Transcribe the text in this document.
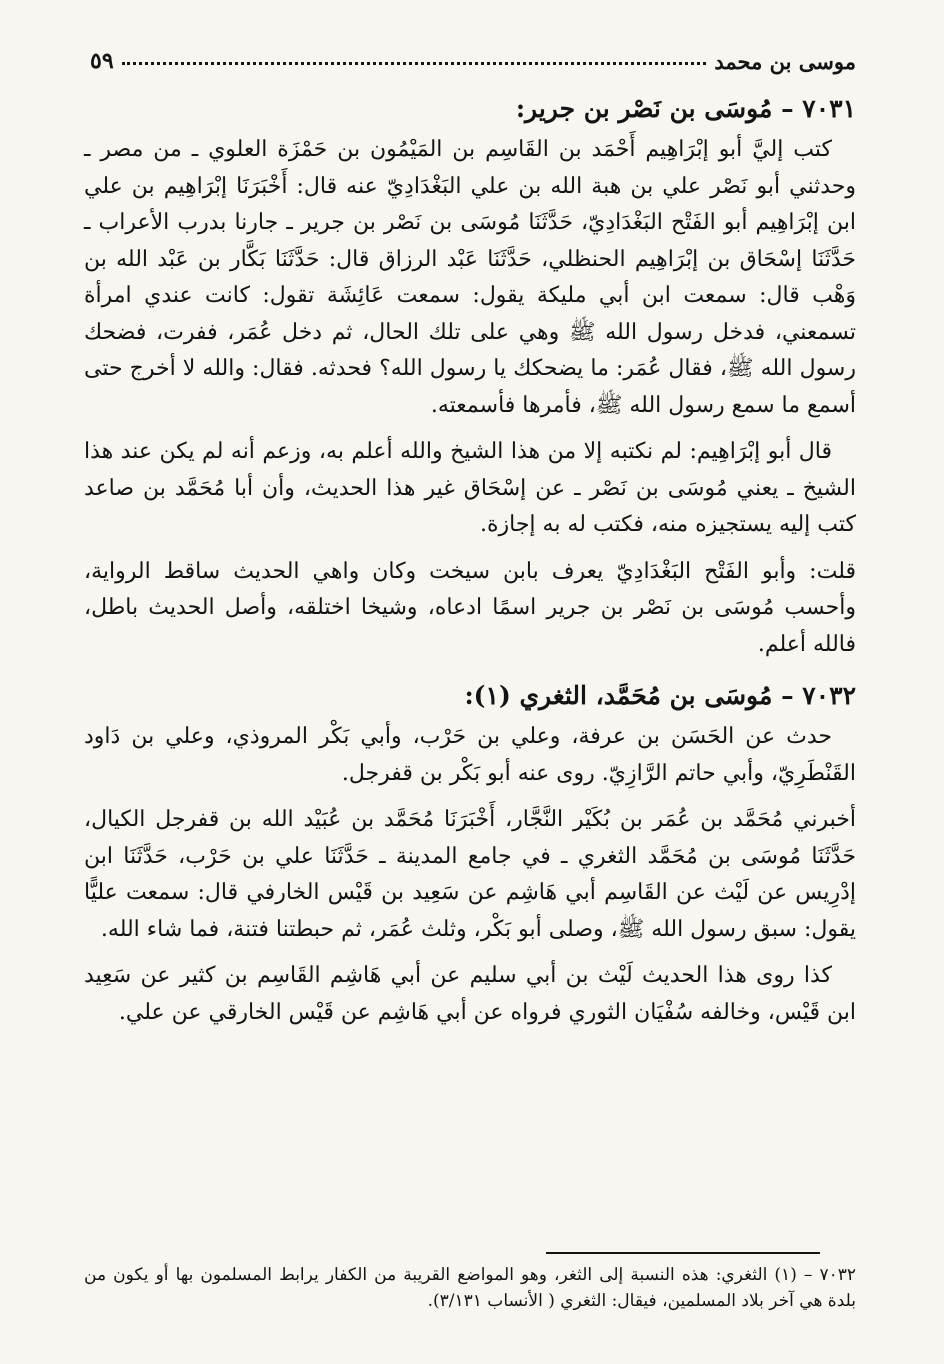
موسى بن محمد
٥٩
٧٠٣١ – مُوسَى بن نَصْر بن جرير:

كتب إليَّ أبو إبْرَاهِيم أَحْمَد بن القَاسِم بن المَيْمُون بن حَمْزَة العلوي ـ من مصر ـ وحدثني أبو نَصْر علي بن هبة الله بن علي البَغْدَادِيّ عنه قال: أَخْبَرَنَا إبْرَاهِيم بن علي ابن إبْرَاهِيم أبو الفَتْح البَغْدَادِيّ، حَدَّثَنَا مُوسَى بن نَصْر بن جرير ـ جارنا بدرب الأعراب ـ حَدَّثَنَا إسْحَاق بن إبْرَاهِيم الحنظلي، حَدَّثَنَا عَبْد الرزاق قال: حَدَّثَنَا بَكَّار بن عَبْد الله بن وَهْب قال: سمعت ابن أبي مليكة يقول: سمعت عَائِشَة تقول: كانت عندي امرأة تسمعني، فدخل رسول الله ﷺ وهي على تلك الحال، ثم دخل عُمَر، ففرت، فضحك رسول الله ﷺ، فقال عُمَر: ما يضحكك يا رسول الله؟ فحدثه. فقال: والله لا أخرج حتى أسمع ما سمع رسول الله ﷺ، فأمرها فأسمعته.

قال أبو إبْرَاهِيم: لم نكتبه إلا من هذا الشيخ والله أعلم به، وزعم أنه لم يكن عند هذا الشيخ ـ يعني مُوسَى بن نَصْر ـ عن إسْحَاق غير هذا الحديث، وأن أبا مُحَمَّد بن صاعد كتب إليه يستجيزه منه، فكتب له به إجازة.

قلت: وأبو الفَتْح البَغْدَادِيّ يعرف بابن سيخت وكان واهي الحديث ساقط الرواية، وأحسب مُوسَى بن نَصْر بن جرير اسمًا ادعاه، وشيخا اختلقه، وأصل الحديث باطل، فالله أعلم.

٧٠٣٢ – مُوسَى بن مُحَمَّد، الثغري (١):

حدث عن الحَسَن بن عرفة، وعلي بن حَرْب، وأبي بَكْر المروذي، وعلي بن دَاود القَنْطَرِيّ، وأبي حاتم الرَّازِيّ. روى عنه أبو بَكْر بن قفرجل.

أخبرني مُحَمَّد بن عُمَر بن بُكَيْر النَّجَّار، أَخْبَرَنَا مُحَمَّد بن عُبَيْد الله بن قفرجل الكيال، حَدَّثَنَا مُوسَى بن مُحَمَّد الثغري ـ في جامع المدينة ـ حَدَّثَنَا علي بن حَرْب، حَدَّثَنَا ابن إدْرِيس عن لَيْث عن القَاسِم أبي هَاشِم عن سَعِيد بن قَيْس الخارفي قال: سمعت عليًّا يقول: سبق رسول الله ﷺ، وصلى أبو بَكْر، وثلث عُمَر، ثم حبطتنا فتنة، فما شاء الله.

كذا روى هذا الحديث لَيْث بن أبي سليم عن أبي هَاشِم القَاسِم بن كثير عن سَعِيد ابن قَيْس، وخالفه سُفْيَان الثوري فرواه عن أبي هَاشِم عن قَيْس الخارقي عن علي.

٧٠٣٢ – (١) الثغري: هذه النسبة إلى الثغر، وهو المواضع القريبة من الكفار يرابط المسلمون بها أو يكون من بلدة هي آخر بلاد المسلمين، فيقال: الثغري ( الأنساب ٣/١٣١).
